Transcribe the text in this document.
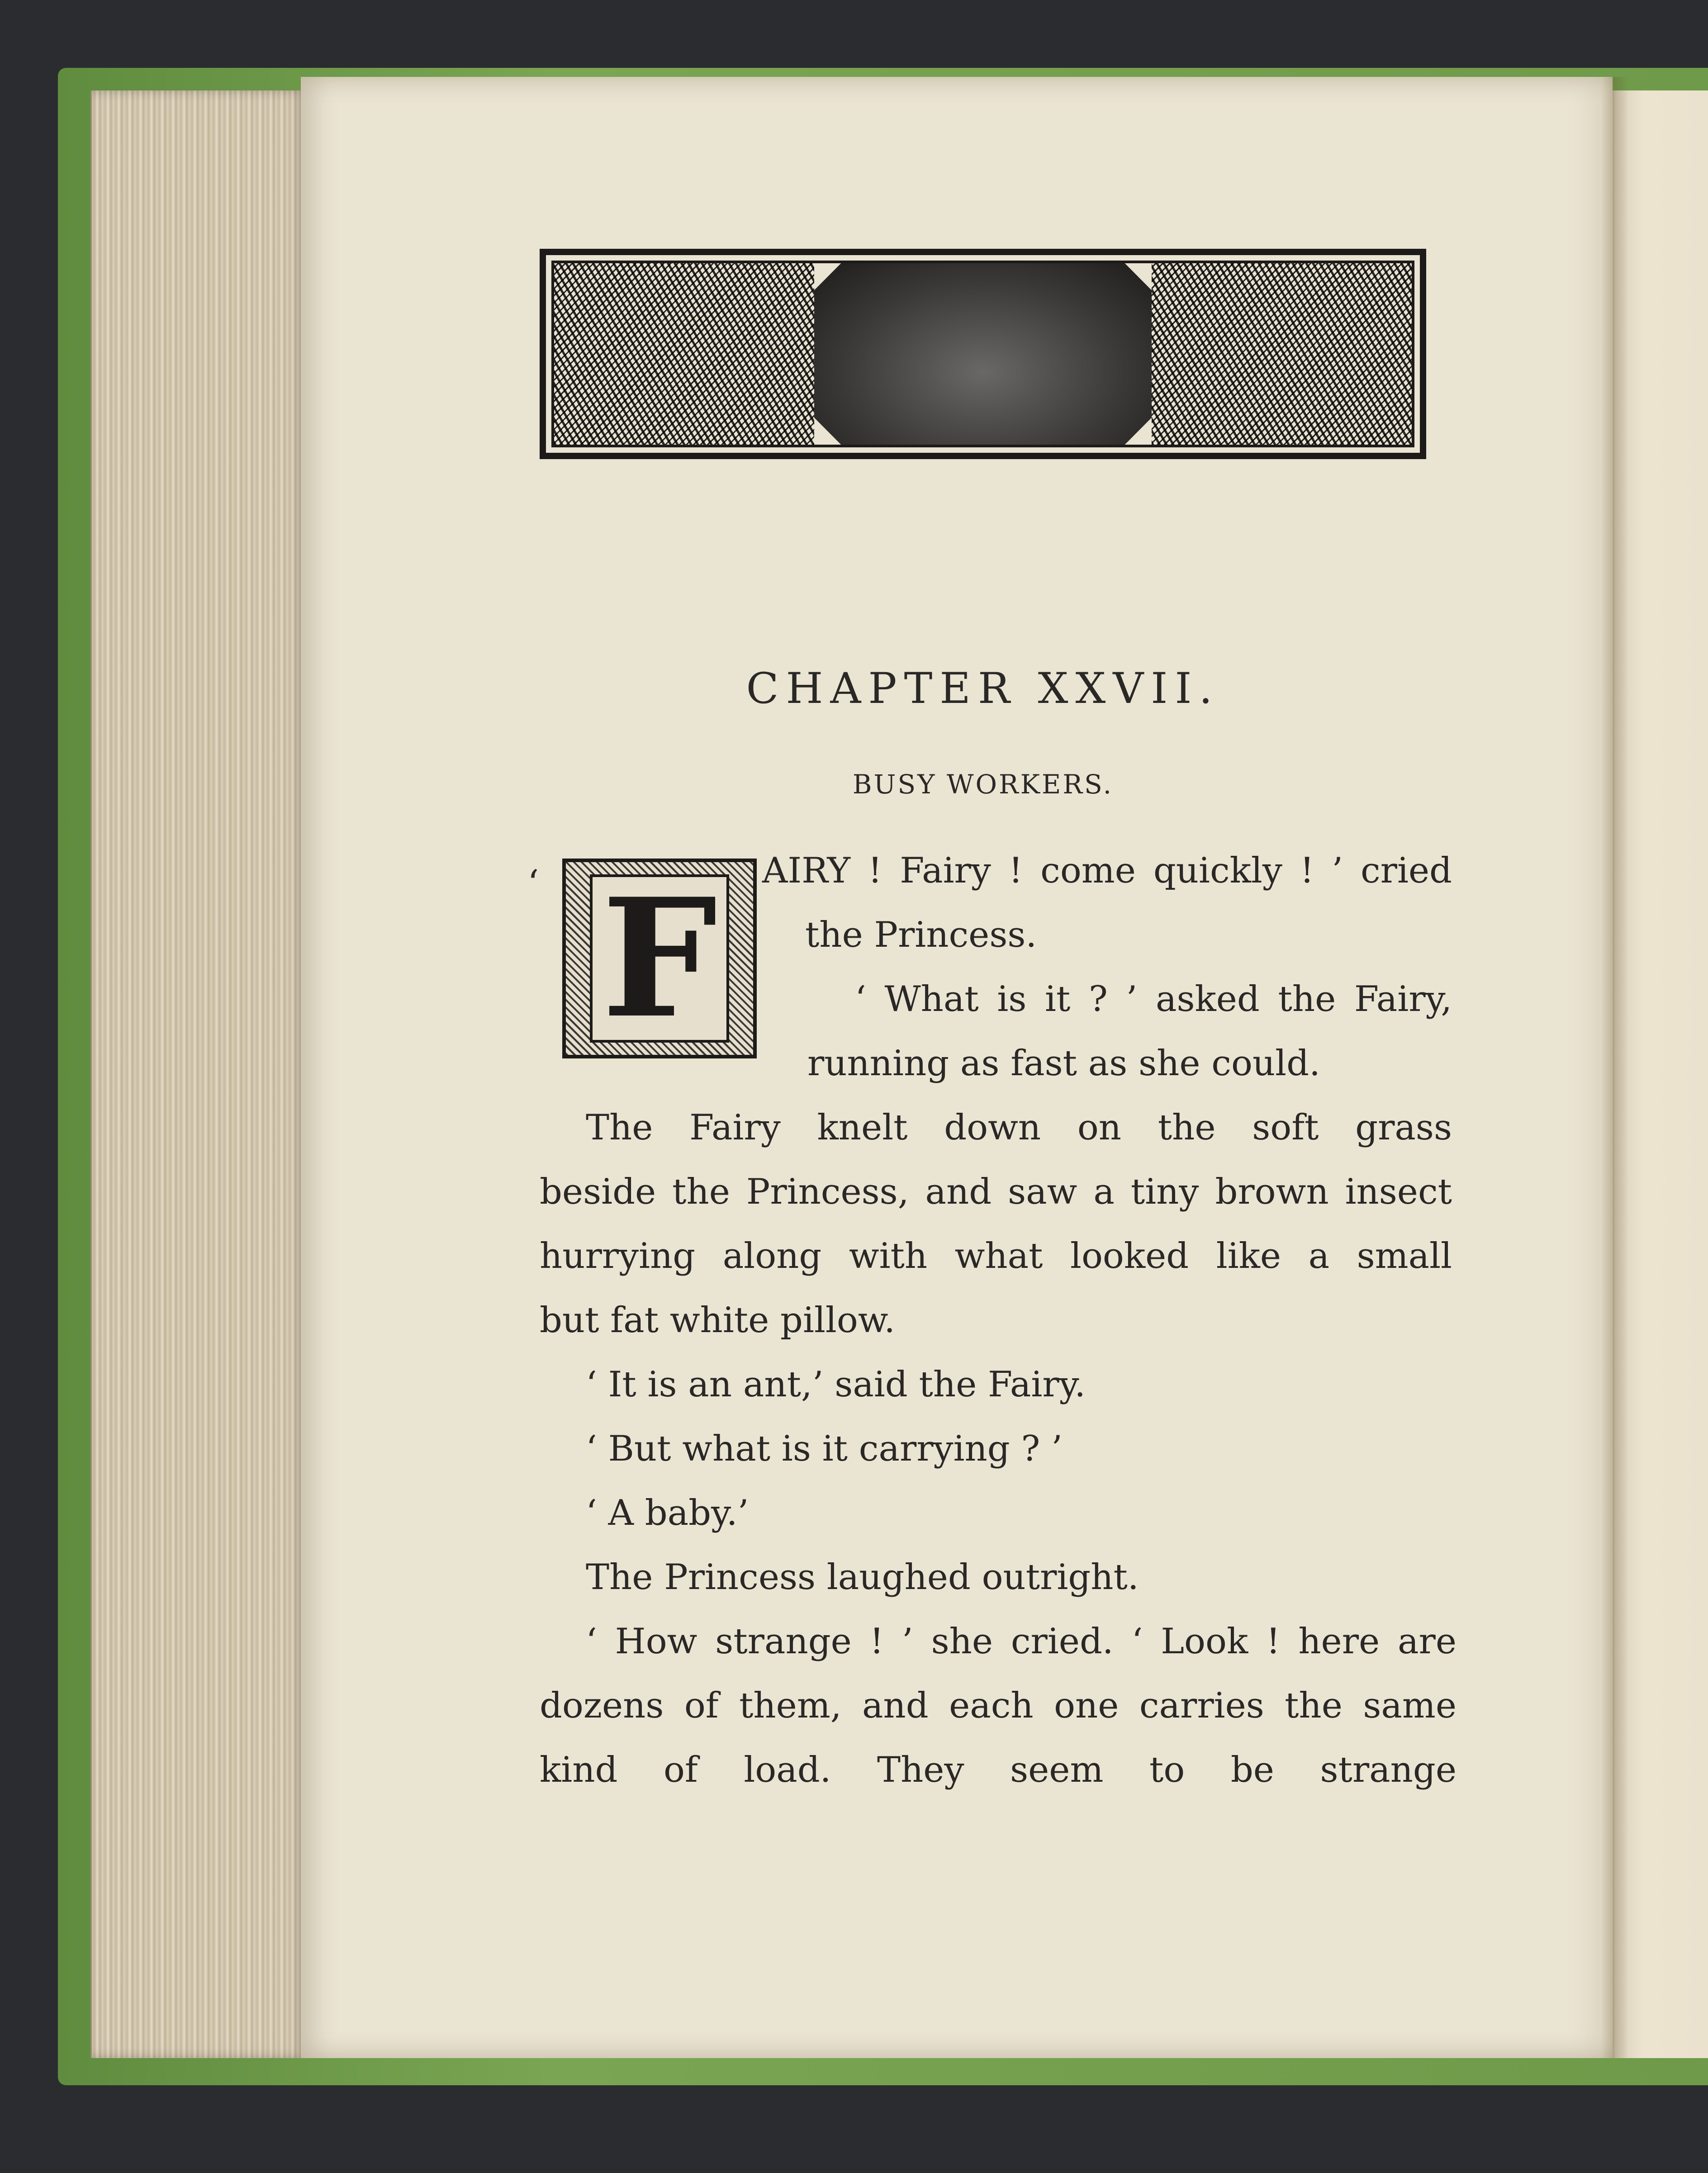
CHAPTER XXVII.
BUSY WORKERS.
‘ F	AIRY ! Fairy ! come quickly ! ’ cried
the Princess.
‘ What is it ? ’ asked the Fairy,
running as fast as she could.
The Fairy knelt down on the soft grass
beside the Princess, and saw a tiny brown insect
hurrying along with what looked like a small
but fat white pillow.
‘ It is an ant,’ said the Fairy.
‘ But what is it carrying ? ’
‘ A baby.’
The Princess laughed outright.
‘ How strange ! ’ she cried. ‘ Look ! here are
dozens of them, and each one carries the same
kind of load. They seem to be strange
